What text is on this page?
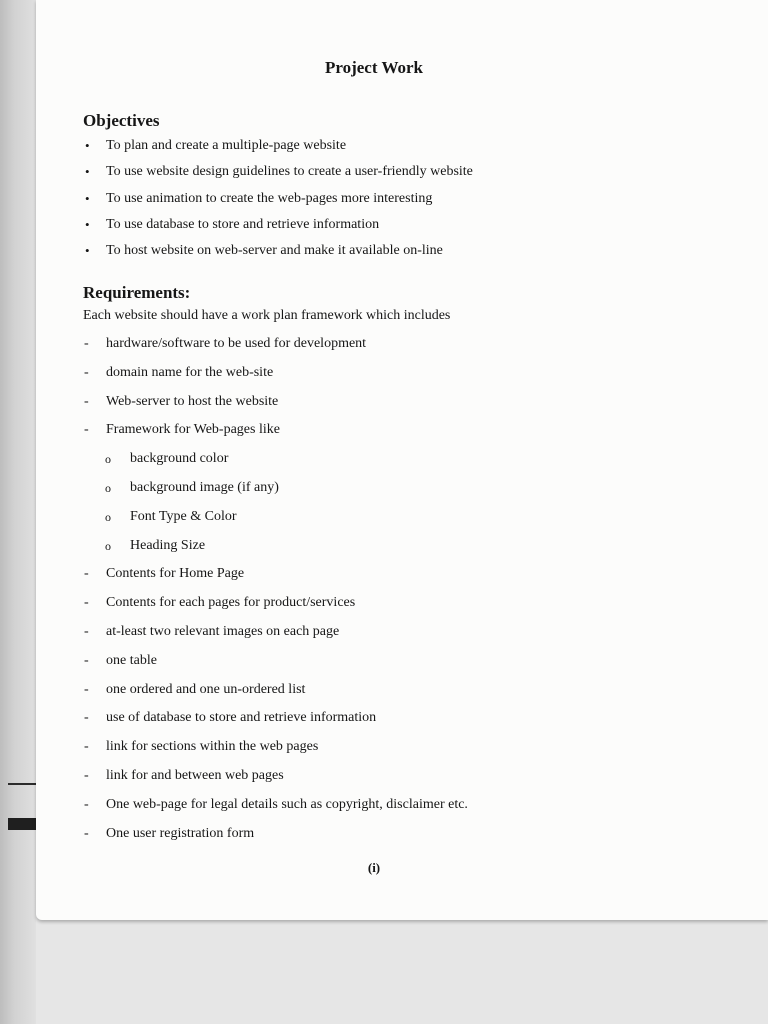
Project Work
Objectives
• To plan and create a multiple-page website
• To use website design guidelines to create a user-friendly website
• To use animation to create the web-pages more interesting
• To use database to store and retrieve information
• To host website on web-server and make it available on-line
Requirements:
Each website should have a work plan framework which includes
- hardware/software to be used for development
- domain name for the web-site
- Web-server to host the website
- Framework for Web-pages like
o background color
o background image (if any)
o Font Type & Color
o Heading Size
- Contents for Home Page
- Contents for each pages for product/services
- at-least two relevant images on each page
- one table
- one ordered and one un-ordered list
- use of database to store and retrieve information
- link for sections within the web pages
- link for and between web pages
- One web-page for legal details such as copyright, disclaimer etc.
- One user registration form
(i)
